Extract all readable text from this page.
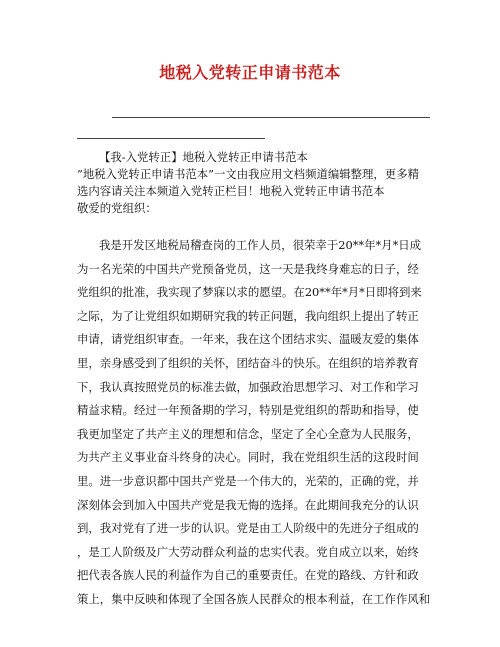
地税入党转正申请书范本
【我-入党转正】地税入党转正申请书范本
”地税入党转正申请书范本”一文由我应用文档频道编辑整理，更多精
选内容请关注本频道入党转正栏目！地税入党转正申请书范本
敬爱的党组织：
我是开发区地税局稽查岗的工作人员，很荣幸于20**年*月*日成
为一名光荣的中国共产党预备党员，这一天是我终身难忘的日子，经
党组织的批准，我实现了梦寐以求的愿望。在20**年*月*日即将到来
之际，为了让党组织如期研究我的转正问题，我向组织上提出了转正
申请，请党组织审查。一年来，我在这个团结求实、温暖友爱的集体
里，亲身感受到了组织的关怀，团结奋斗的快乐。在组织的培养教育
下，我认真按照党员的标准去做，加强政治思想学习、对工作和学习
精益求精。经过一年预备期的学习，特别是党组织的帮助和指导，使
我更加坚定了共产主义的理想和信念，坚定了全心全意为人民服务，
为共产主义事业奋斗终身的决心。同时，我在党组织生活的这段时间
里。进一步意识都中国共产党是一个伟大的，光荣的，正确的党，并
深刻体会到加入中国共产党是我无悔的选择。在此期间我充分的认识
到，我对党有了进一步的认识。党是由工人阶级中的先进分子组成的
，是工人阶级及广大劳动群众利益的忠实代表。党自成立以来，始终
把代表各族人民的利益作为自己的重要责任。在党的路线、方针和政
策上，集中反映和体现了全国各族人民群众的根本利益，在工作作风和
